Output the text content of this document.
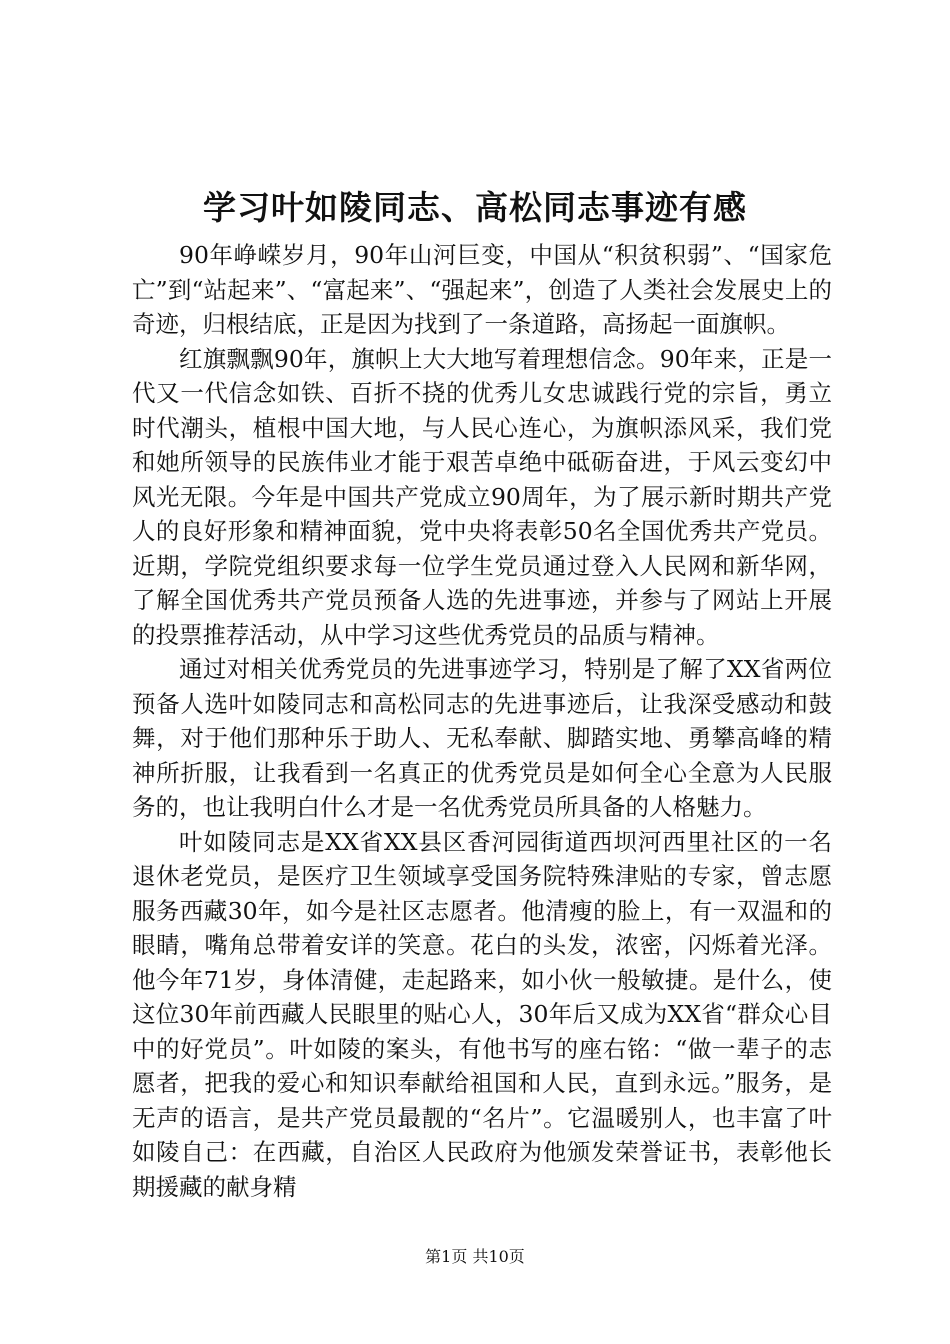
学习叶如陵同志、高松同志事迹有感

90年峥嵘岁月，90年山河巨变，中国从“积贫积弱”、“国家危亡”到“站起来”、“富起来”、“强起来”，创造了人类社会发展史上的奇迹，归根结底，正是因为找到了一条道路，高扬起一面旗帜。

红旗飘飘90年，旗帜上大大地写着理想信念。90年来，正是一代又一代信念如铁、百折不挠的优秀儿女忠诚践行党的宗旨，勇立时代潮头，植根中国大地，与人民心连心，为旗帜添风采，我们党和她所领导的民族伟业才能于艰苦卓绝中砥砺奋进，于风云变幻中风光无限。今年是中国共产党成立90周年，为了展示新时期共产党人的良好形象和精神面貌，党中央将表彰50名全国优秀共产党员。近期，学院党组织要求每一位学生党员通过登入人民网和新华网，了解全国优秀共产党员预备人选的先进事迹，并参与了网站上开展的投票推荐活动，从中学习这些优秀党员的品质与精神。

通过对相关优秀党员的先进事迹学习，特别是了解了XX省两位预备人选叶如陵同志和高松同志的先进事迹后，让我深受感动和鼓舞，对于他们那种乐于助人、无私奉献、脚踏实地、勇攀高峰的精神所折服，让我看到一名真正的优秀党员是如何全心全意为人民服务的，也让我明白什么才是一名优秀党员所具备的人格魅力。

叶如陵同志是XX省XX县区香河园街道西坝河西里社区的一名退休老党员，是医疗卫生领域享受国务院特殊津贴的专家，曾志愿服务西藏30年，如今是社区志愿者。他清瘦的脸上，有一双温和的眼睛，嘴角总带着安详的笑意。花白的头发，浓密，闪烁着光泽。他今年71岁，身体清健，走起路来，如小伙一般敏捷。是什么，使这位30年前西藏人民眼里的贴心人，30年后又成为XX省“群众心目中的好党员”。叶如陵的案头，有他书写的座右铭：“做一辈子的志愿者，把我的爱心和知识奉献给祖国和人民，直到永远。”服务，是无声的语言，是共产党员最靓的“名片”。它温暖别人，也丰富了叶如陵自己：在西藏，自治区人民政府为他颁发荣誉证书，表彰他长期援藏的献身精

第1页 共10页
